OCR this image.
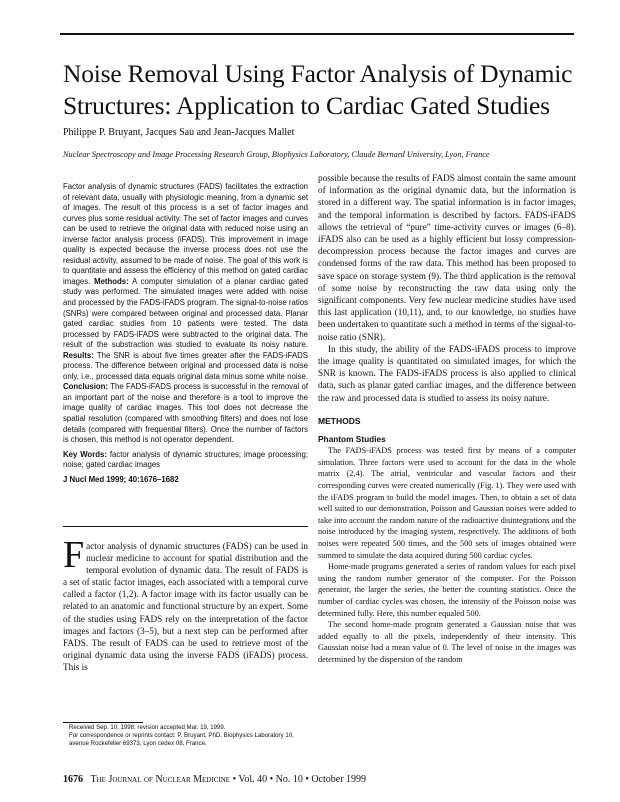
Noise Removal Using Factor Analysis of Dynamic Structures: Application to Cardiac Gated Studies
Philippe P. Bruyant, Jacques Sau and Jean-Jacques Mallet
Nuclear Spectroscopy and Image Processing Research Group, Biophysics Laboratory, Claude Bernard University, Lyon, France

Factor analysis of dynamic structures (FADS) facilitates the extraction of relevant data, usually with physiologic meaning, from a dynamic set of images. The result of this process is a set of factor images and curves plus some residual activity. The set of factor images and curves can be used to retrieve the original data with reduced noise using an inverse factor analysis process (iFADS). This improvement in image quality is expected because the inverse process does not use the residual activity, assumed to be made of noise. The goal of this work is to quantitate and assess the efficiency of this method on gated cardiac images. Methods: A computer simulation of a planar cardiac gated study was performed. The simulated images were added with noise and processed by the FADS-iFADS program. The signal-to-noise ratios (SNRs) were compared between original and processed data. Planar gated cardiac studies from 10 patients were tested. The data processed by FADS-iFADS were subtracted to the original data. The result of the substraction was studied to evaluate its noisy nature. Results: The SNR is about five times greater after the FADS-iFADS process. The difference between original and processed data is noise only, i.e., processed data equals original data minus some white noise. Conclusion: The FADS-iFADS process is successful in the removal of an important part of the noise and therefore is a tool to improve the image quality of cardiac images. This tool does not decrease the spatial resolution (compared with smoothing filters) and does not lose details (compared with frequential filters). Once the number of factors is chosen, this method is not operator dependent.

Key Words: factor analysis of dynamic structures; image processing; noise; gated cardiac images

J Nucl Med 1999; 40:1676–1682

Factor analysis of dynamic structures (FADS) can be used in nuclear medicine to account for spatial distribution and the temporal evolution of dynamic data. The result of FADS is a set of static factor images, each associated with a temporal curve called a factor (1,2). A factor image with its factor usually can be related to an anatomic and functional structure by an expert. Some of the studies using FADS rely on the interpretation of the factor images and factors (3–5), but a next step can be performed after FADS. The result of FADS can be used to retrieve most of the original dynamic data using the inverse FADS (iFADS) process. This is

Received Sep. 10, 1998; revision accepted Mar. 19, 1999.

For correspondence or reprints contact: P. Bruyant, PhD, Biophysics Laboratory 10, avenue Rockefeller 69373, Lyon cedex 08, France.

possible because the results of FADS almost contain the same amount of information as the original dynamic data, but the information is stored in a different way. The spatial information is in factor images, and the temporal information is described by factors. FADS-iFADS allows the retrieval of “pure” time-activity curves or images (6–8). iFADS also can be used as a highly efficient but lossy compression-decompression process because the factor images and curves are condensed forms of the raw data. This method has been proposed to save space on storage system (9). The third application is the removal of some noise by reconstructing the raw data using only the significant components. Very few nuclear medicine studies have used this last application (10,11), and, to our knowledge, no studies have been undertaken to quantitate such a method in terms of the signal-to-noise ratio (SNR).

In this study, the ability of the FADS-iFADS process to improve the image quality is quantitated on simulated images, for which the SNR is known. The FADS-iFADS process is also applied to clinical data, such as planar gated cardiac images, and the difference between the raw and processed data is studied to assess its noisy nature.

METHODS

Phantom Studies

The FADS-iFADS process was tested first by means of a computer simulation. Three factors were used to account for the data in the whole matrix (2,4). The atrial, ventricular and vascular factors and their corresponding curves were created numerically (Fig. 1). They were used with the iFADS program to build the model images. Then, to obtain a set of data well suited to our demonstration, Poisson and Gaussian noises were added to take into account the random nature of the radioactive disintegrations and the noise introduced by the imaging system, respectively. The additions of both noises were repeated 500 times, and the 500 sets of images obtained were summed to simulate the data acquired during 500 cardiac cycles.

Home-made programs generated a series of random values for each pixel using the random number generator of the computer. For the Poisson generator, the larger the series, the better the counting statistics. Once the number of cardiac cycles was chosen, the intensity of the Poisson noise was determined fully. Here, this number equaled 500.

The second home-made program generated a Gaussian noise that was added equally to all the pixels, independently of their intensity. This Gaussian noise had a mean value of 0. The level of noise in the images was determined by the dispersion of the random

1676 The Journal of Nuclear Medicine • Vol. 40 • No. 10 • October 1999
